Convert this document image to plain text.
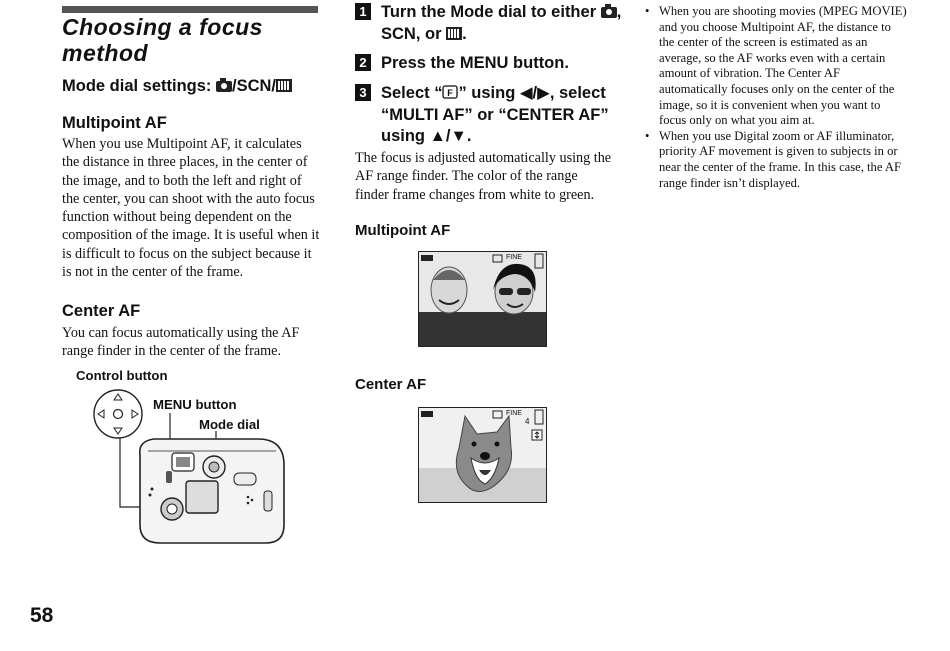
Choosing a focus
method
Mode dial settings: /SCN/
Multipoint AF
When you use Multipoint AF, it calculates the distance in three places, in the center of the image, and to both the left and right of the center, you can shoot with the auto focus function without being dependent on the composition of the image. It is useful when it is difficult to focus on the subject because it is not in the center of the frame.
Center AF
You can focus automatically using the AF range finder in the center of the frame.
Control button
MENU button
Mode dial
1 Turn the Mode dial to either ,
SCN, or .
2 Press the MENU button.
3 Select “ F ” using ◀/▶, select
“MULTI AF” or “CENTER AF”
using ▲/▼.
The focus is adjusted automatically using the AF range finder. The color of the range finder frame changes from white to green.
Multipoint AF
FINE
Center AF
FINE
4
• When you are shooting movies (MPEG MOVIE) and you choose Multipoint AF, the distance to the center of the screen is estimated as an average, so the AF works even with a certain amount of vibration. The Center AF automatically focuses only on the center of the image, so it is convenient when you want to focus only on what you aim at.
• When you use Digital zoom or AF illuminator, priority AF movement is given to subjects in or near the center of the frame. In this case, the AF range finder isn’t displayed.
58
